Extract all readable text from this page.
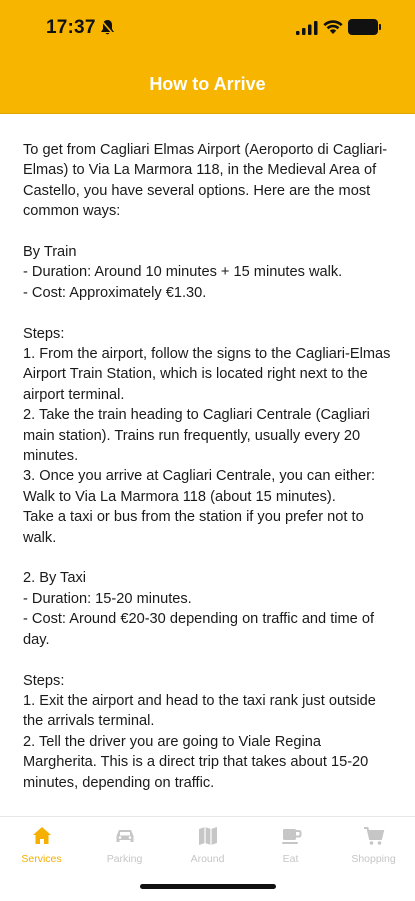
17:37	6
How to Arrive

To get from Cagliari Elmas Airport (Aeroporto di Cagliari-Elmas) to Via La Marmora 118, in the Medieval Area of Castello, you have several options. Here are the most common ways:

By Train

- Duration: Around 10 minutes + 15 minutes walk.

- Cost: Approximately €1.30.

Steps:

1. From the airport, follow the signs to the Cagliari-Elmas Airport Train Station, which is located right next to the airport terminal.

2. Take the train heading to Cagliari Centrale (Cagliari main station). Trains run frequently, usually every 20 minutes.

3. Once you arrive at Cagliari Centrale, you can either:

Walk to Via La Marmora 118 (about 15 minutes).

Take a taxi or bus from the station if you prefer not to walk.

2. By Taxi

- Duration: 15-20 minutes.

- Cost: Around €20-30 depending on traffic and time of day.

Steps:

1. Exit the airport and head to the taxi rank just outside the arrivals terminal.

2. Tell the driver you are going to Viale Regina Margherita. This is a direct trip that takes about 15-20 minutes, depending on traffic.

Services	Parking	Around	Eat	Shopping
